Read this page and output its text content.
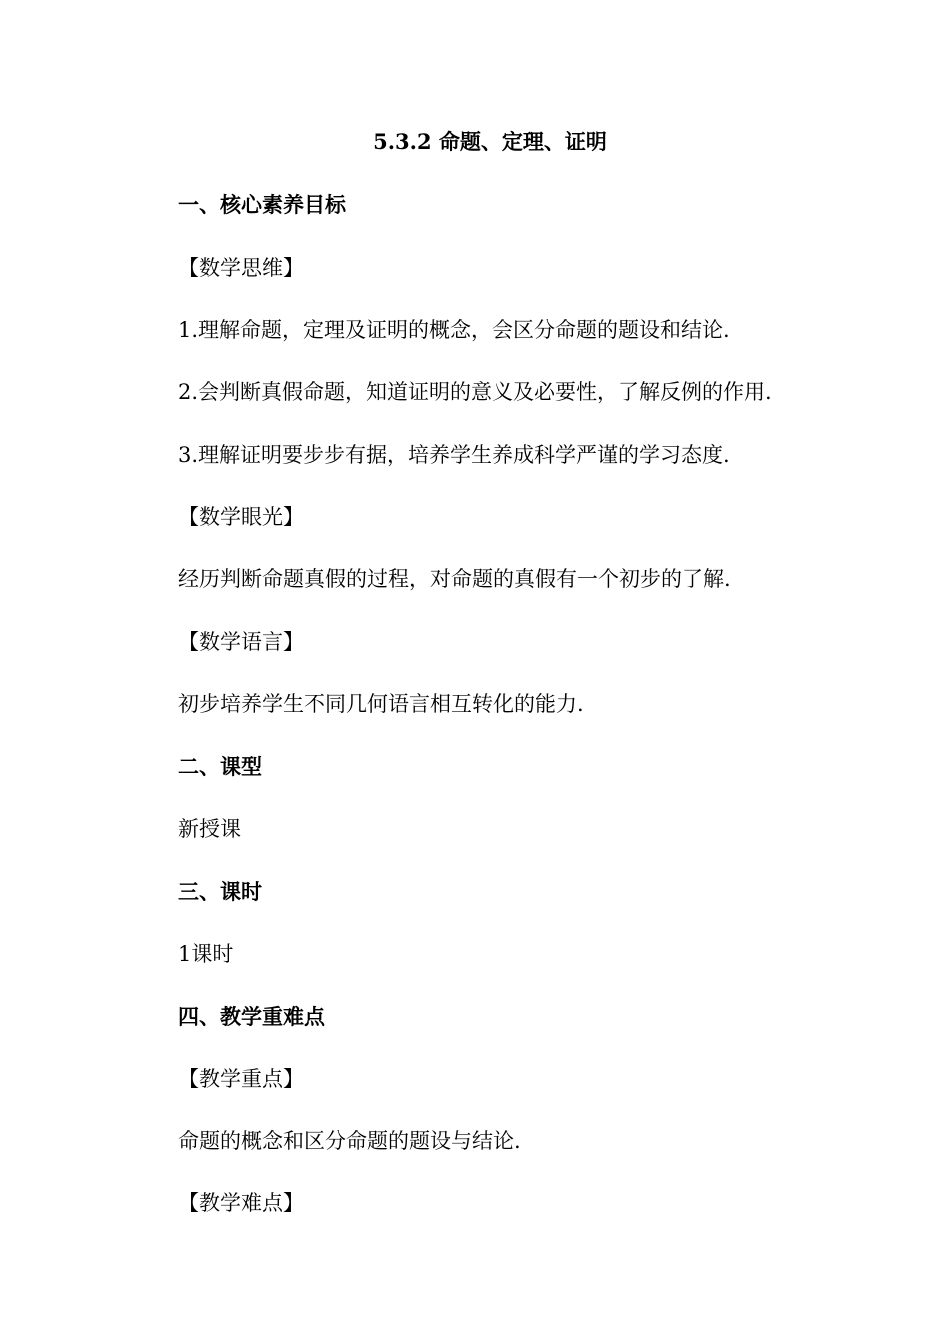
5.3.2 命题、定理、证明
一、核心素养目标
【数学思维】
1.理解命题，定理及证明的概念，会区分命题的题设和结论.
2.会判断真假命题，知道证明的意义及必要性，了解反例的作用.
3.理解证明要步步有据，培养学生养成科学严谨的学习态度.
【数学眼光】
经历判断命题真假的过程，对命题的真假有一个初步的了解.
【数学语言】
初步培养学生不同几何语言相互转化的能力.
二、课型
新授课
三、课时
1课时
四、教学重难点
【教学重点】
命题的概念和区分命题的题设与结论.
【教学难点】
